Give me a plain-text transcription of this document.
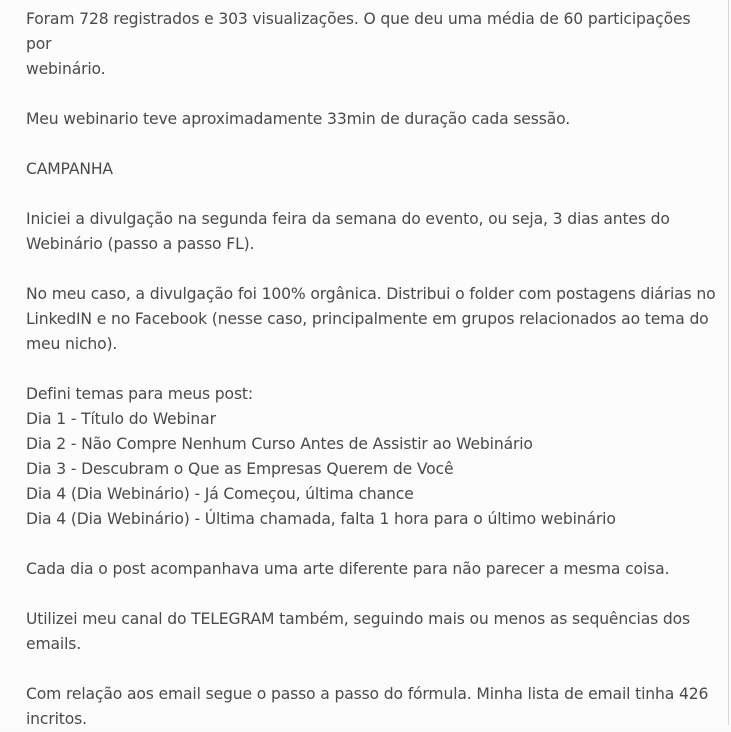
Foram 728 registrados e 303 visualizações. O que deu uma média de 60 participações por
webinário.

Meu webinario teve aproximadamente 33min de duração cada sessão.

CAMPANHA

Iniciei a divulgação na segunda feira da semana do evento, ou seja, 3 dias antes do
Webinário (passo a passo FL).

No meu caso, a divulgação foi 100% orgânica. Distribui o folder com postagens diárias no
LinkedIN e no Facebook (nesse caso, principalmente em grupos relacionados ao tema do
meu nicho).

Defini temas para meus post:
Dia 1 - Título do Webinar
Dia 2 - Não Compre Nenhum Curso Antes de Assistir ao Webinário
Dia 3 - Descubram o Que as Empresas Querem de Você
Dia 4 (Dia Webinário) - Já Começou, última chance
Dia 4 (Dia Webinário) - Última chamada, falta 1 hora para o último webinário

Cada dia o post acompanhava uma arte diferente para não parecer a mesma coisa.

Utilizei meu canal do TELEGRAM também, seguindo mais ou menos as sequências dos
emails.

Com relação aos email segue o passo a passo do fórmula. Minha lista de email tinha 426
incritos.
